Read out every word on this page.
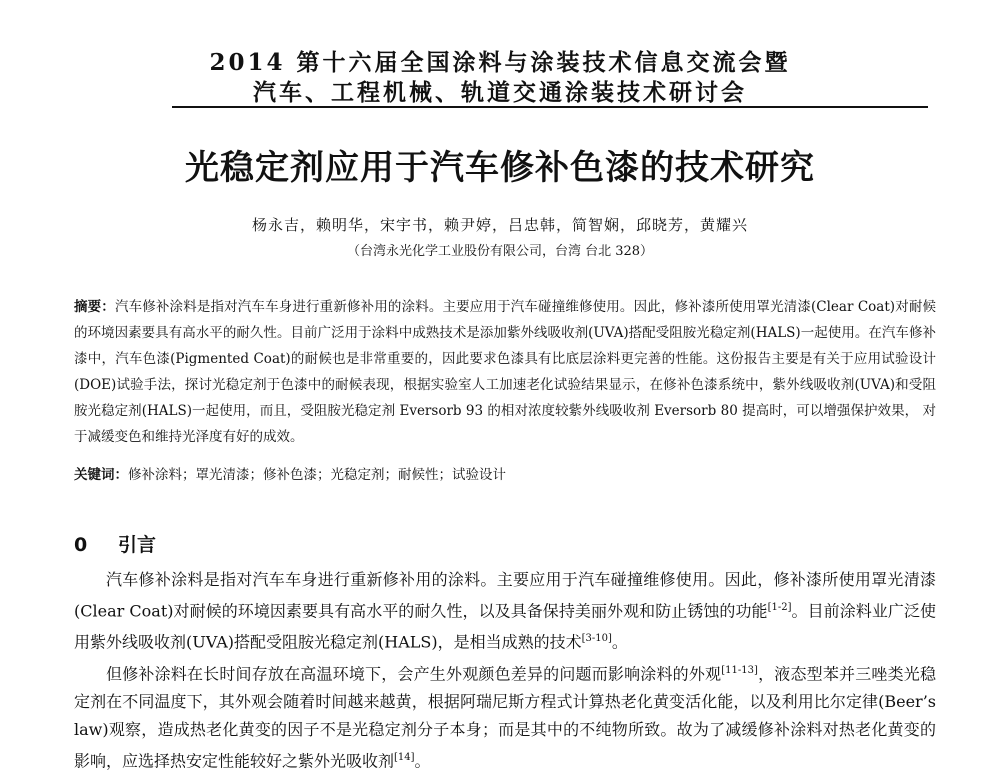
2014 第十六届全国涂料与涂装技术信息交流会暨
汽车、工程机械、轨道交通涂装技术研讨会
光稳定剂应用于汽车修补色漆的技术研究
杨永吉，赖明华，宋宇书，赖尹婷，吕忠韩，简智娴，邱晓芳，黄耀兴
（台湾永光化学工业股份有限公司，台湾 台北 328）
摘要：汽车修补涂料是指对汽车车身进行重新修补用的涂料。主要应用于汽车碰撞维修使用。因此，修补漆所使用罩光清漆(Clear Coat)对耐候的环境因素要具有高水平的耐久性。目前广泛用于涂料中成熟技术是添加紫外线吸收剂(UVA)搭配受阻胺光稳定剂(HALS)一起使用。在汽车修补漆中，汽车色漆(Pigmented Coat)的耐候也是非常重要的，因此要求色漆具有比底层涂料更完善的性能。这份报告主要是有关于应用试验设计(DOE)试验手法，探讨光稳定剂于色漆中的耐候表现，根据实验室人工加速老化试验结果显示，在修补色漆系统中，紫外线吸收剂(UVA)和受阻胺光稳定剂(HALS)一起使用，而且，受阻胺光稳定剂 Eversorb 93 的相对浓度较紫外线吸收剂 Eversorb 80 提高时，可以增强保护效果， 对于减缓变色和维持光泽度有好的成效。
关键词：修补涂料；罩光清漆；修补色漆；光稳定剂；耐候性；试验设计
0 引言

汽车修补涂料是指对汽车车身进行重新修补用的涂料。主要应用于汽车碰撞维修使用。因此，修补漆所使用罩光清漆(Clear Coat)对耐候的环境因素要具有高水平的耐久性，以及具备保持美丽外观和防止锈蚀的功能[1-2]。目前涂料业广泛使用紫外线吸收剂(UVA)搭配受阻胺光稳定剂(HALS)，是相当成熟的技术[3-10]。

但修补涂料在长时间存放在高温环境下，会产生外观颜色差异的问题而影响涂料的外观[11-13]，液态型苯并三唑类光稳定剂在不同温度下，其外观会随着时间越来越黄，根据阿瑞尼斯方程式计算热老化黄变活化能，以及利用比尔定律(Beer’s law)观察，造成热老化黄变的因子不是光稳定剂分子本身；而是其中的不纯物所致。故为了减缓修补涂料对热老化黄变的影响，应选择热安定性能较好之紫外光吸收剂[14]。
